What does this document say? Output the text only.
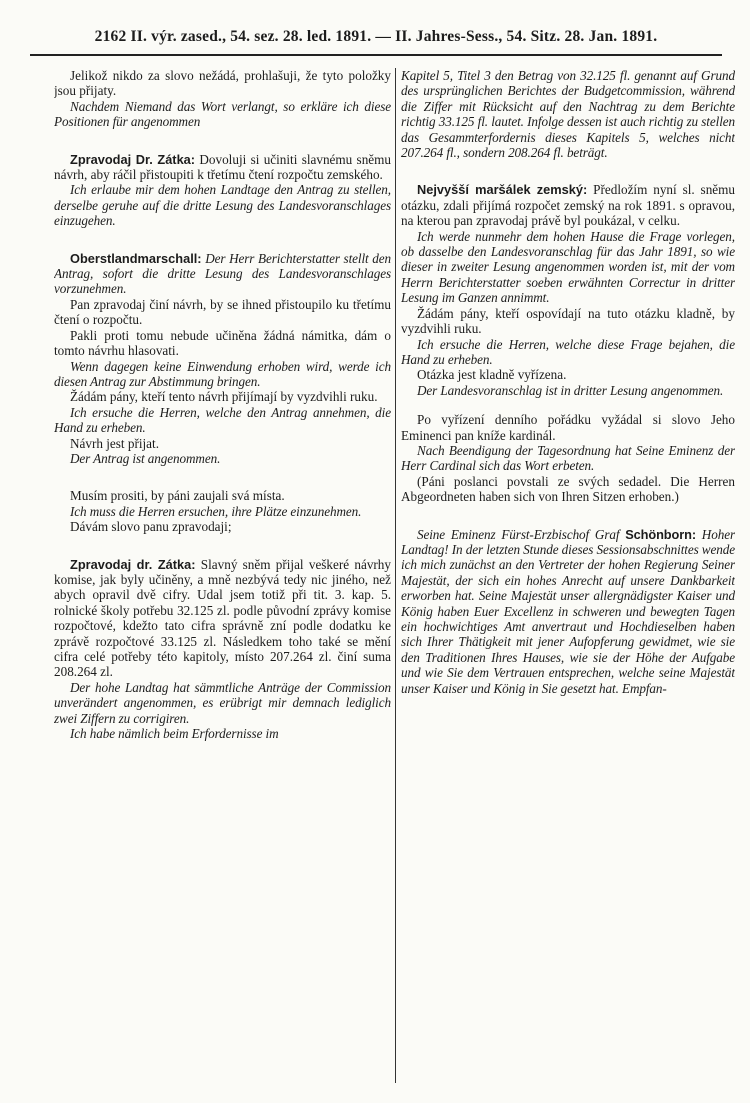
2162 II. výr. zased., 54. sez. 28. led. 1891. — II. Jahres-Sess., 54. Sitz. 28. Jan. 1891.

Jelikož nikdo za slovo nežádá, prohlašuji, že tyto položky jsou přijaty.

Nachdem Niemand das Wort verlangt, so erkläre ich diese Positionen für angenommen

Zpravodaj Dr. Zátka: Dovoluji si učiniti slavnému sněmu návrh, aby ráčil přistoupiti k třetímu čtení rozpočtu zemského.

Ich erlaube mir dem hohen Landtage den Antrag zu stellen, derselbe geruhe auf die dritte Lesung des Landesvoranschlages einzugehen.

Oberstlandmarschall: Der Herr Berichterstatter stellt den Antrag, sofort die dritte Lesung des Landesvoranschlages vorzunehmen.

Pan zpravodaj činí návrh, by se ihned přistoupilo ku třetímu čtení o rozpočtu.

Pakli proti tomu nebude učiněna žádná námitka, dám o tomto návrhu hlasovati.

Wenn dagegen keine Einwendung erhoben wird, werde ich diesen Antrag zur Abstimmung bringen.

Žádám pány, kteří tento návrh přijímají by vyzdvihli ruku.

Ich ersuche die Herren, welche den Antrag annehmen, die Hand zu erheben.

Návrh jest přijat.

Der Antrag ist angenommen.

Musím prositi, by páni zaujali svá místa.

Ich muss die Herren ersuchen, ihre Plätze einzunehmen.

Dávám slovo panu zpravodaji;

Zpravodaj dr. Zátka: Slavný sněm přijal veškeré návrhy komise, jak byly učiněny, a mně nezbývá tedy nic jiného, než abych opravil dvě cifry. Udal jsem totiž při tit. 3. kap. 5. rolnické školy potřebu 32.125 zl. podle původní zprávy komise rozpočtové, kdežto tato cifra správně zní podle dodatku ke zprávě rozpočtové 33.125 zl. Následkem toho také se mění cifra celé potřeby této kapitoly, místo 207.264 zl. činí suma 208.264 zl.

Der hohe Landtag hat sämmtliche Anträge der Commission unverändert angenommen, es erübrigt mir demnach lediglich zwei Ziffern zu corrigiren.

Ich habe nämlich beim Erfordernisse im

Kapitel 5, Titel 3 den Betrag von 32.125 fl. genannt auf Grund des ursprünglichen Berichtes der Budgetcommission, während die Ziffer mit Rücksicht auf den Nachtrag zu dem Berichte richtig 33.125 fl. lautet. Infolge dessen ist auch richtig zu stellen das Gesammterfordernis dieses Kapitels 5, welches nicht 207.264 fl., sondern 208.264 fl. beträgt.

Nejvyšší maršálek zemský: Předložím nyní sl. sněmu otázku, zdali přijímá rozpočet zemský na rok 1891. s opravou, na kterou pan zpravodaj právě byl poukázal, v celku.

Ich werde nunmehr dem hohen Hause die Frage vorlegen, ob dasselbe den Landesvoranschlag für das Jahr 1891, so wie dieser in zweiter Lesung angenommen worden ist, mit der vom Herrn Berichterstatter soeben erwähnten Correctur in dritter Lesung im Ganzen annimmt.

Žádám pány, kteří ospovídají na tuto otázku kladně, by vyzdvihli ruku.

Ich ersuche die Herren, welche diese Frage bejahen, die Hand zu erheben.

Otázka jest kladně vyřízena.

Der Landesvoranschlag ist in dritter Lesung angenommen.

Po vyřízení denního pořádku vyžádal si slovo Jeho Eminenci pan kníže kardinál.

Nach Beendigung der Tagesordnung hat Seine Eminenz der Herr Cardinal sich das Wort erbeten.

(Páni poslanci povstali ze svých sedadel. Die Herren Abgeordneten haben sich von Ihren Sitzen erhoben.)

Seine Eminenz Fürst-Erzbischof Graf Schönborn: Hoher Landtag! In der letzten Stunde dieses Sessionsabschnittes wende ich mich zunächst an den Vertreter der hohen Regierung Seiner Majestät, der sich ein hohes Anrecht auf unsere Dankbarkeit erworben hat. Seine Majestät unser allergnädigster Kaiser und König haben Euer Excellenz in schweren und bewegten Tagen ein hochwichtiges Amt anvertraut und Hochdieselben haben sich Ihrer Thätigkeit mit jener Aufopferung gewidmet, wie sie den Traditionen Ihres Hauses, wie sie der Höhe der Aufgabe und wie Sie dem Vertrauen entsprechen, welche seine Majestät unser Kaiser und König in Sie gesetzt hat. Empfan-
